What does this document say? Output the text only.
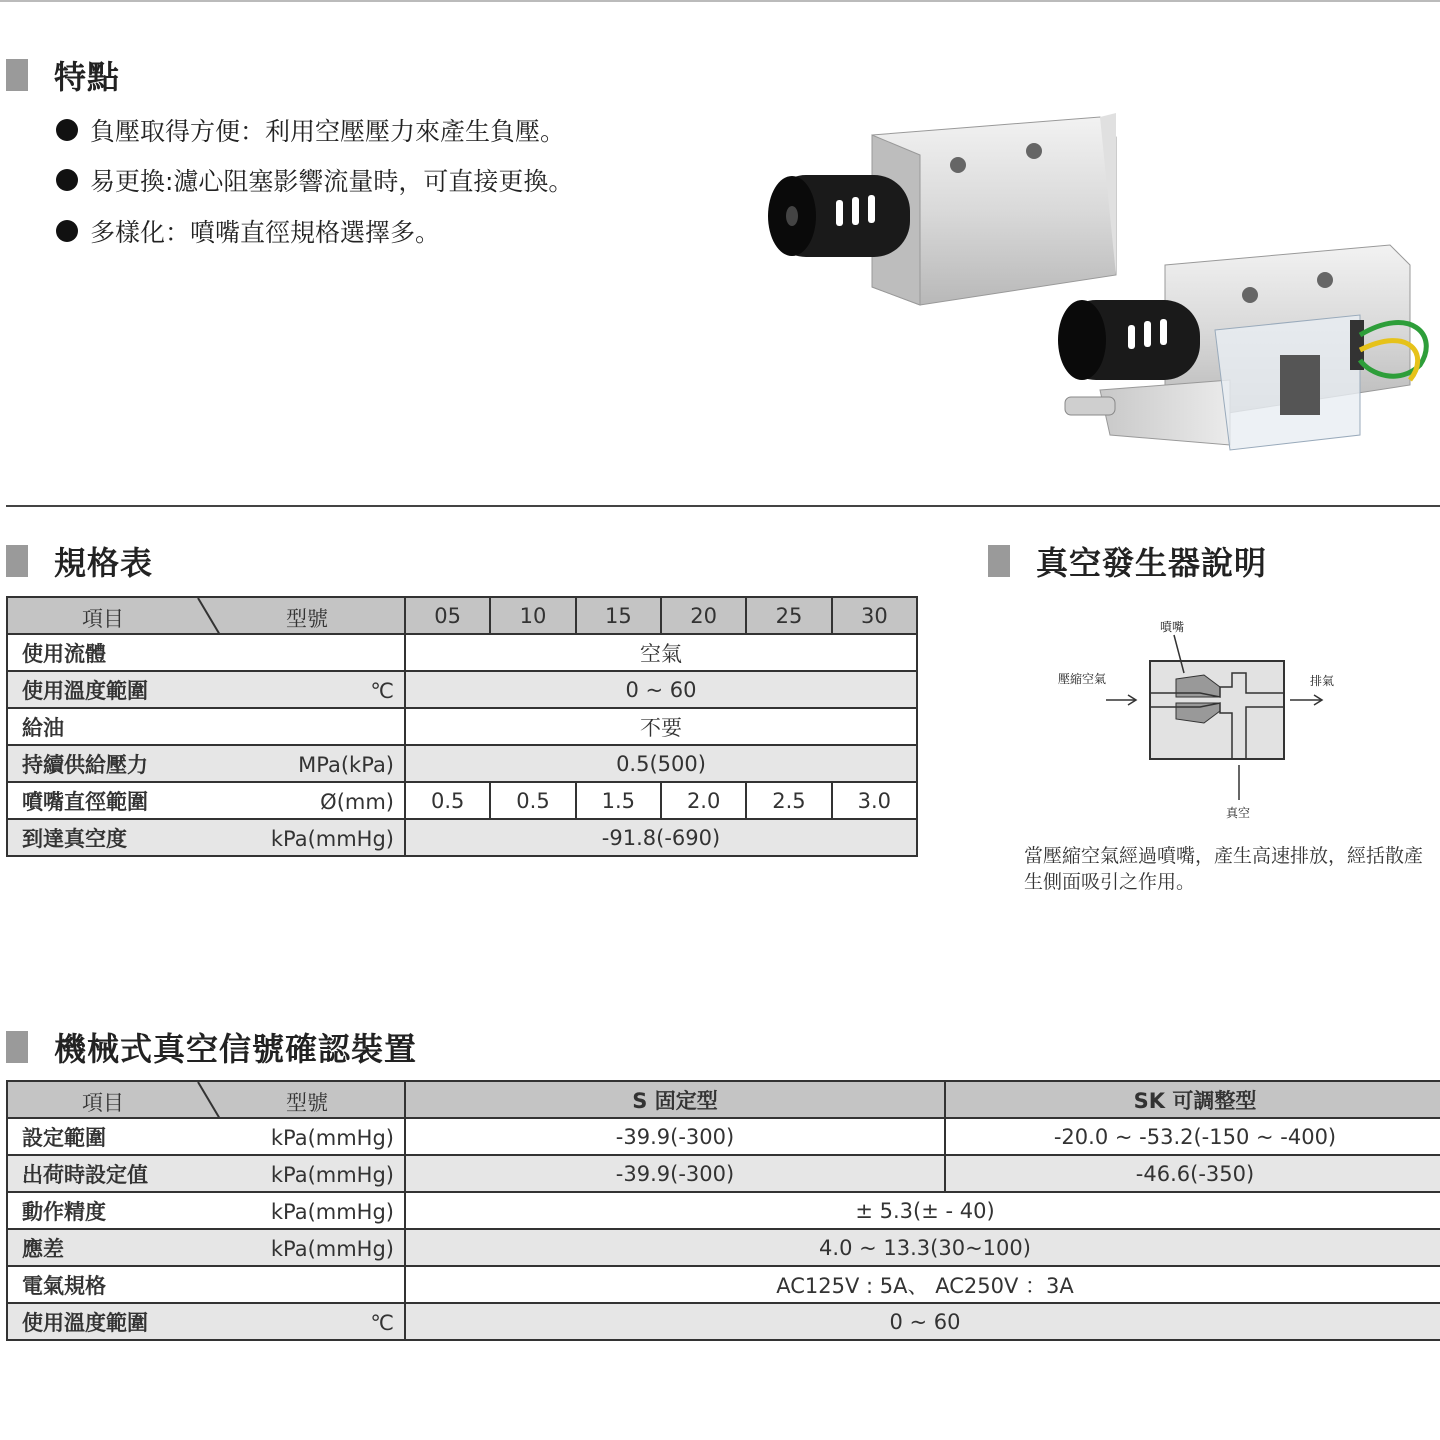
特點
負壓取得方便：利用空壓壓力來產生負壓。
易更換:濾心阻塞影響流量時，可直接更換。
多樣化：噴嘴直徑規格選擇多。
規格表
項目 型號	05	10	15	20	25	30
使用流體	空氣					
使用溫度範圍 ℃	0 ~ 60					
給油	不要					
持續供給壓力 MPa(kPa)	0.5(500)					
噴嘴直徑範圍 Ø(mm)	0.5	0.5	1.5	2.0	2.5	3.0
到達真空度 kPa(mmHg)	-91.8(-690)					
真空發生器說明
噴嘴
壓縮空氣	排氣
真空
當壓縮空氣經過噴嘴，產生高速排放，經括散產生側面吸引之作用。
機械式真空信號確認裝置
項目 型號	S 固定型	SK 可調整型
設定範圍 kPa(mmHg)	-39.9(-300)	-20.0 ~ -53.2(-150 ~ -400)
出荷時設定值 kPa(mmHg)	-39.9(-300)	-46.6(-350)
動作精度 kPa(mmHg)	± 5.3(± - 40)	
應差 kPa(mmHg)	4.0 ~ 13.3(30~100)	
電氣規格	AC125V : 5A、 AC250V ：3A	
使用溫度範圍 ℃	0 ~ 60	
